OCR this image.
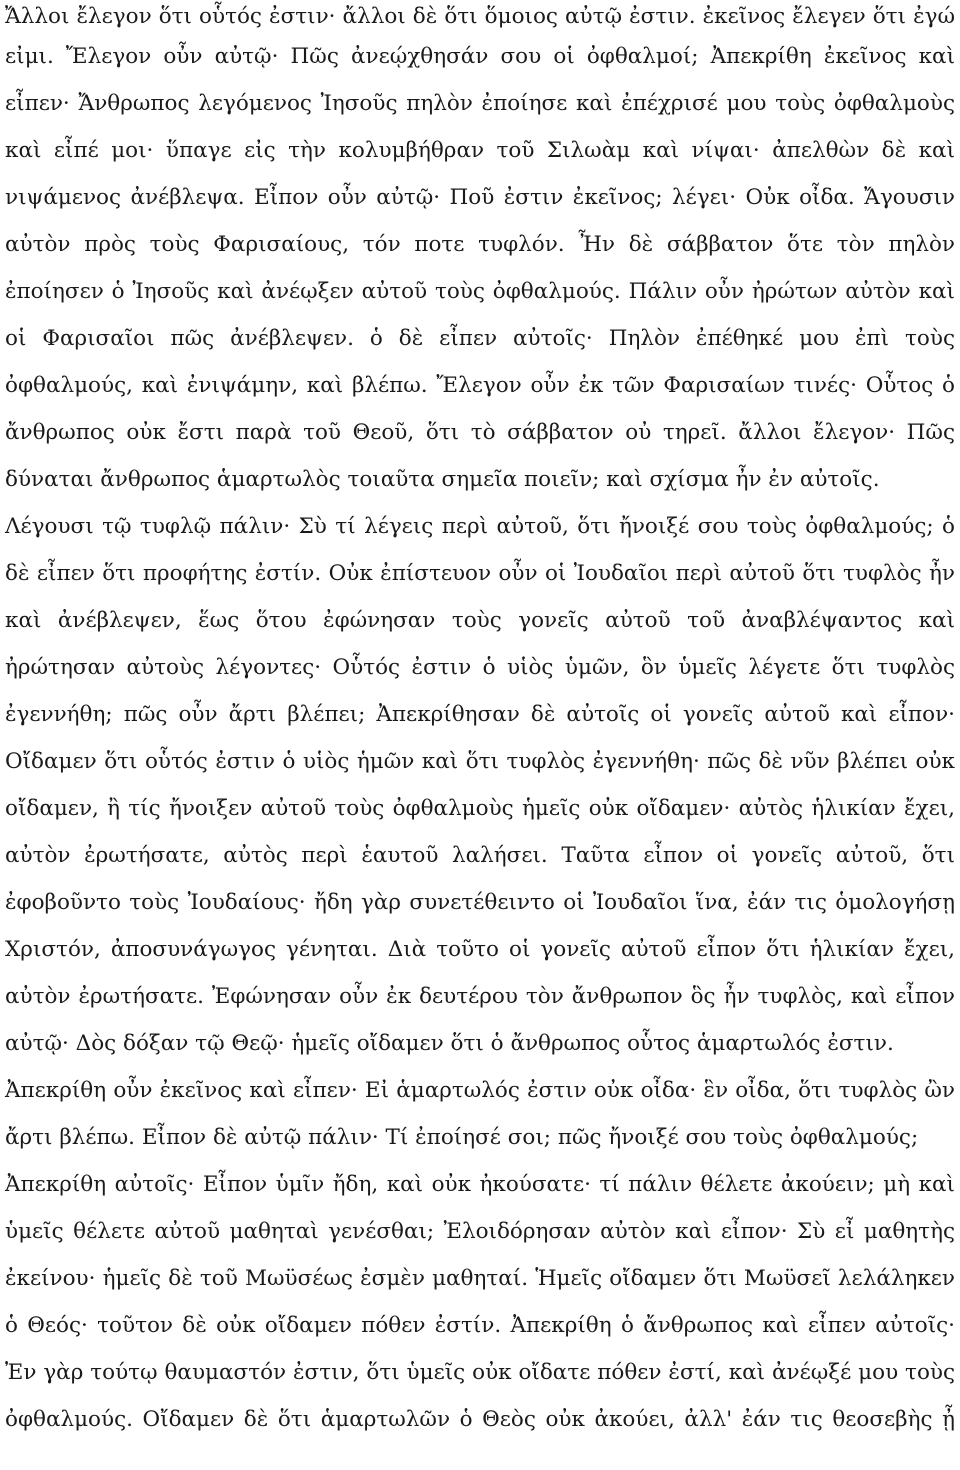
Ἄλλοι ἔλεγον ὅτι οὗτός ἐστιν· ἄλλοι δὲ ὅτι ὅμοιος αὐτῷ ἐστιν. ἐκεῖνος ἔλεγεν ὅτι ἐγώ
εἰμι. Ἔλεγον οὖν αὐτῷ· Πῶς ἀνεῴχθησάν σου οἱ ὀφθαλμοί; Ἀπεκρίθη ἐκεῖνος καὶ
εἶπεν· Ἄνθρωπος λεγόμενος Ἰησοῦς πηλὸν ἐποίησε καὶ ἐπέχρισέ μου τοὺς ὀφθαλμοὺς
καὶ εἶπέ μοι· ὕπαγε εἰς τὴν κολυμβήθραν τοῦ Σιλωὰμ καὶ νίψαι· ἀπελθὼν δὲ καὶ
νιψάμενος ἀνέβλεψα. Εἶπον οὖν αὐτῷ· Ποῦ ἐστιν ἐκεῖνος; λέγει· Οὐκ οἶδα. Ἄγουσιν
αὐτὸν πρὸς τοὺς Φαρισαίους, τόν ποτε τυφλόν. Ἦν δὲ σάββατον ὅτε τὸν πηλὸν
ἐποίησεν ὁ Ἰησοῦς καὶ ἀνέῳξεν αὐτοῦ τοὺς ὀφθαλμούς. Πάλιν οὖν ἠρώτων αὐτὸν καὶ
οἱ Φαρισαῖοι πῶς ἀνέβλεψεν. ὁ δὲ εἶπεν αὐτοῖς· Πηλὸν ἐπέθηκέ μου ἐπὶ τοὺς
ὀφθαλμούς, καὶ ἐνιψάμην, καὶ βλέπω. Ἔλεγον οὖν ἐκ τῶν Φαρισαίων τινές· Οὗτος ὁ
ἄνθρωπος οὐκ ἔστι παρὰ τοῦ Θεοῦ, ὅτι τὸ σάββατον οὐ τηρεῖ. ἄλλοι ἔλεγον· Πῶς
δύναται ἄνθρωπος ἁμαρτωλὸς τοιαῦτα σημεῖα ποιεῖν; καὶ σχίσμα ἦν ἐν αὐτοῖς.
Λέγουσι τῷ τυφλῷ πάλιν· Σὺ τί λέγεις περὶ αὐτοῦ, ὅτι ἤνοιξέ σου τοὺς ὀφθαλμούς; ὁ
δὲ εἶπεν ὅτι προφήτης ἐστίν. Οὐκ ἐπίστευον οὖν οἱ Ἰουδαῖοι περὶ αὐτοῦ ὅτι τυφλὸς ἦν
καὶ ἀνέβλεψεν, ἕως ὅτου ἐφώνησαν τοὺς γονεῖς αὐτοῦ τοῦ ἀναβλέψαντος καὶ
ἠρώτησαν αὐτοὺς λέγοντες· Οὗτός ἐστιν ὁ υἱὸς ὑμῶν, ὃν ὑμεῖς λέγετε ὅτι τυφλὸς
ἐγεννήθη; πῶς οὖν ἄρτι βλέπει; Ἀπεκρίθησαν δὲ αὐτοῖς οἱ γονεῖς αὐτοῦ καὶ εἶπον·
Οἴδαμεν ὅτι οὗτός ἐστιν ὁ υἱὸς ἡμῶν καὶ ὅτι τυφλὸς ἐγεννήθη· πῶς δὲ νῦν βλέπει οὐκ
οἴδαμεν, ἢ τίς ἤνοιξεν αὐτοῦ τοὺς ὀφθαλμοὺς ἡμεῖς οὐκ οἴδαμεν· αὐτὸς ἡλικίαν ἔχει,
αὐτὸν ἐρωτήσατε, αὐτὸς περὶ ἑαυτοῦ λαλήσει. Ταῦτα εἶπον οἱ γονεῖς αὐτοῦ, ὅτι
ἐφοβοῦντο τοὺς Ἰουδαίους· ἤδη γὰρ συνετέθειντο οἱ Ἰουδαῖοι ἵνα, ἐάν τις ὁμολογήσῃ
Χριστόν, ἀποσυνάγωγος γένηται. Διὰ τοῦτο οἱ γονεῖς αὐτοῦ εἶπον ὅτι ἡλικίαν ἔχει,
αὐτὸν ἐρωτήσατε. Ἐφώνησαν οὖν ἐκ δευτέρου τὸν ἄνθρωπον ὃς ἦν τυφλὸς, καὶ εἶπον
αὐτῷ· Δὸς δόξαν τῷ Θεῷ· ἡμεῖς οἴδαμεν ὅτι ὁ ἄνθρωπος οὗτος ἁμαρτωλός ἐστιν.
Ἀπεκρίθη οὖν ἐκεῖνος καὶ εἶπεν· Εἰ ἁμαρτωλός ἐστιν οὐκ οἶδα· ἓν οἶδα, ὅτι τυφλὸς ὢν
ἄρτι βλέπω. Εἶπον δὲ αὐτῷ πάλιν· Τί ἐποίησέ σοι; πῶς ἤνοιξέ σου τοὺς ὀφθαλμούς;
Ἀπεκρίθη αὐτοῖς· Εἶπον ὑμῖν ἤδη, καὶ οὐκ ἠκούσατε· τί πάλιν θέλετε ἀκούειν; μὴ καὶ
ὑμεῖς θέλετε αὐτοῦ μαθηταὶ γενέσθαι; Ἐλοιδόρησαν αὐτὸν καὶ εἶπον· Σὺ εἶ μαθητὴς
ἐκείνου· ἡμεῖς δὲ τοῦ Μωϋσέως ἐσμὲν μαθηταί. Ἡμεῖς οἴδαμεν ὅτι Μωϋσεῖ λελάληκεν
ὁ Θεός· τοῦτον δὲ οὐκ οἴδαμεν πόθεν ἐστίν. Ἀπεκρίθη ὁ ἄνθρωπος καὶ εἶπεν αὐτοῖς·
Ἐν γὰρ τούτῳ θαυμαστόν ἐστιν, ὅτι ὑμεῖς οὐκ οἴδατε πόθεν ἐστί, καὶ ἀνέῳξέ μου τοὺς
ὀφθαλμούς. Οἴδαμεν δὲ ὅτι ἁμαρτωλῶν ὁ Θεὸς οὐκ ἀκούει, ἀλλ' ἐάν τις θεοσεβὴς ᾖ
